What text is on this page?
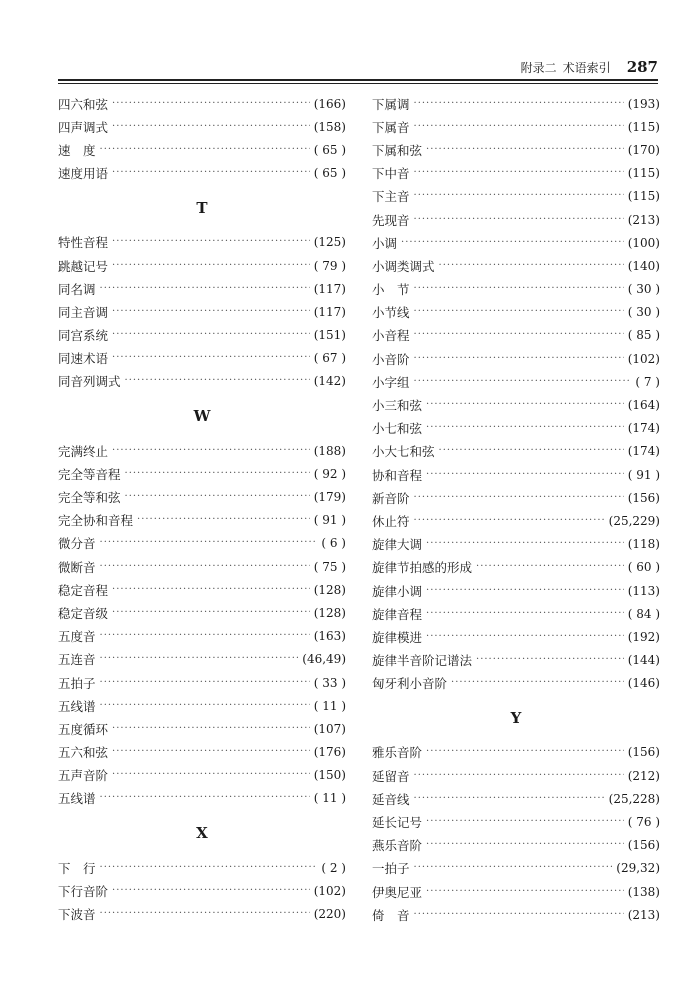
附录二 术语索引 287
四六和弦 ·····	(166)
四声调式 ·····	(158)
速　度 ·····	( 65 )
速度用语 ·····	( 65 )
T
特性音程 ·····	(125)
跳越记号 ·····	( 79 )
同名调 ·····	(117)
同主音调 ·····	(117)
同宫系统 ·····	(151)
同速术语 ·····	( 67 )
同音列调式 ·····	(142)
W
完满终止 ·····	(188)
完全等音程 ·····	( 92 )
完全等和弦 ·····	(179)
完全协和音程 ·····	( 91 )
微分音 ·····	( 6 )
微断音 ·····	( 75 )
稳定音程 ·····	(128)
稳定音级 ·····	(128)
五度音 ·····	(163)
五连音 ·····	(46,49)
五拍子 ·····	( 33 )
五线谱 ·····	( 11 )
五度循环 ·····	(107)
五六和弦 ·····	(176)
五声音阶 ·····	(150)
五线谱 ·····	( 11 )
X
下　行 ·····	( 2 )
下行音阶 ·····	(102)
下波音 ·····	(220)
下属调 ·····	(193)
下属音 ·····	(115)
下属和弦 ·····	(170)
下中音 ·····	(115)
下主音 ·····	(115)
先现音 ·····	(213)
小调 ·····	(100)
小调类调式 ·····	(140)
小　节 ·····	( 30 )
小节线 ·····	( 30 )
小音程 ·····	( 85 )
小音阶 ·····	(102)
小字组 ·····	( 7 )
小三和弦 ·····	(164)
小七和弦 ·····	(174)
小大七和弦 ·····	(174)
协和音程 ·····	( 91 )
新音阶 ·····	(156)
休止符 ·····	(25,229)
旋律大调 ·····	(118)
旋律节拍感的形成 ·····	( 60 )
旋律小调 ·····	(113)
旋律音程 ·····	( 84 )
旋律模进 ·····	(192)
旋律半音阶记谱法 ·····	(144)
匈牙利小音阶 ·····	(146)
Y
雅乐音阶 ·····	(156)
延留音 ·····	(212)
延音线 ·····	(25,228)
延长记号 ·····	( 76 )
燕乐音阶 ·····	(156)
一拍子 ·····	(29,32)
伊奥尼亚 ·····	(138)
倚　音 ·····	(213)
